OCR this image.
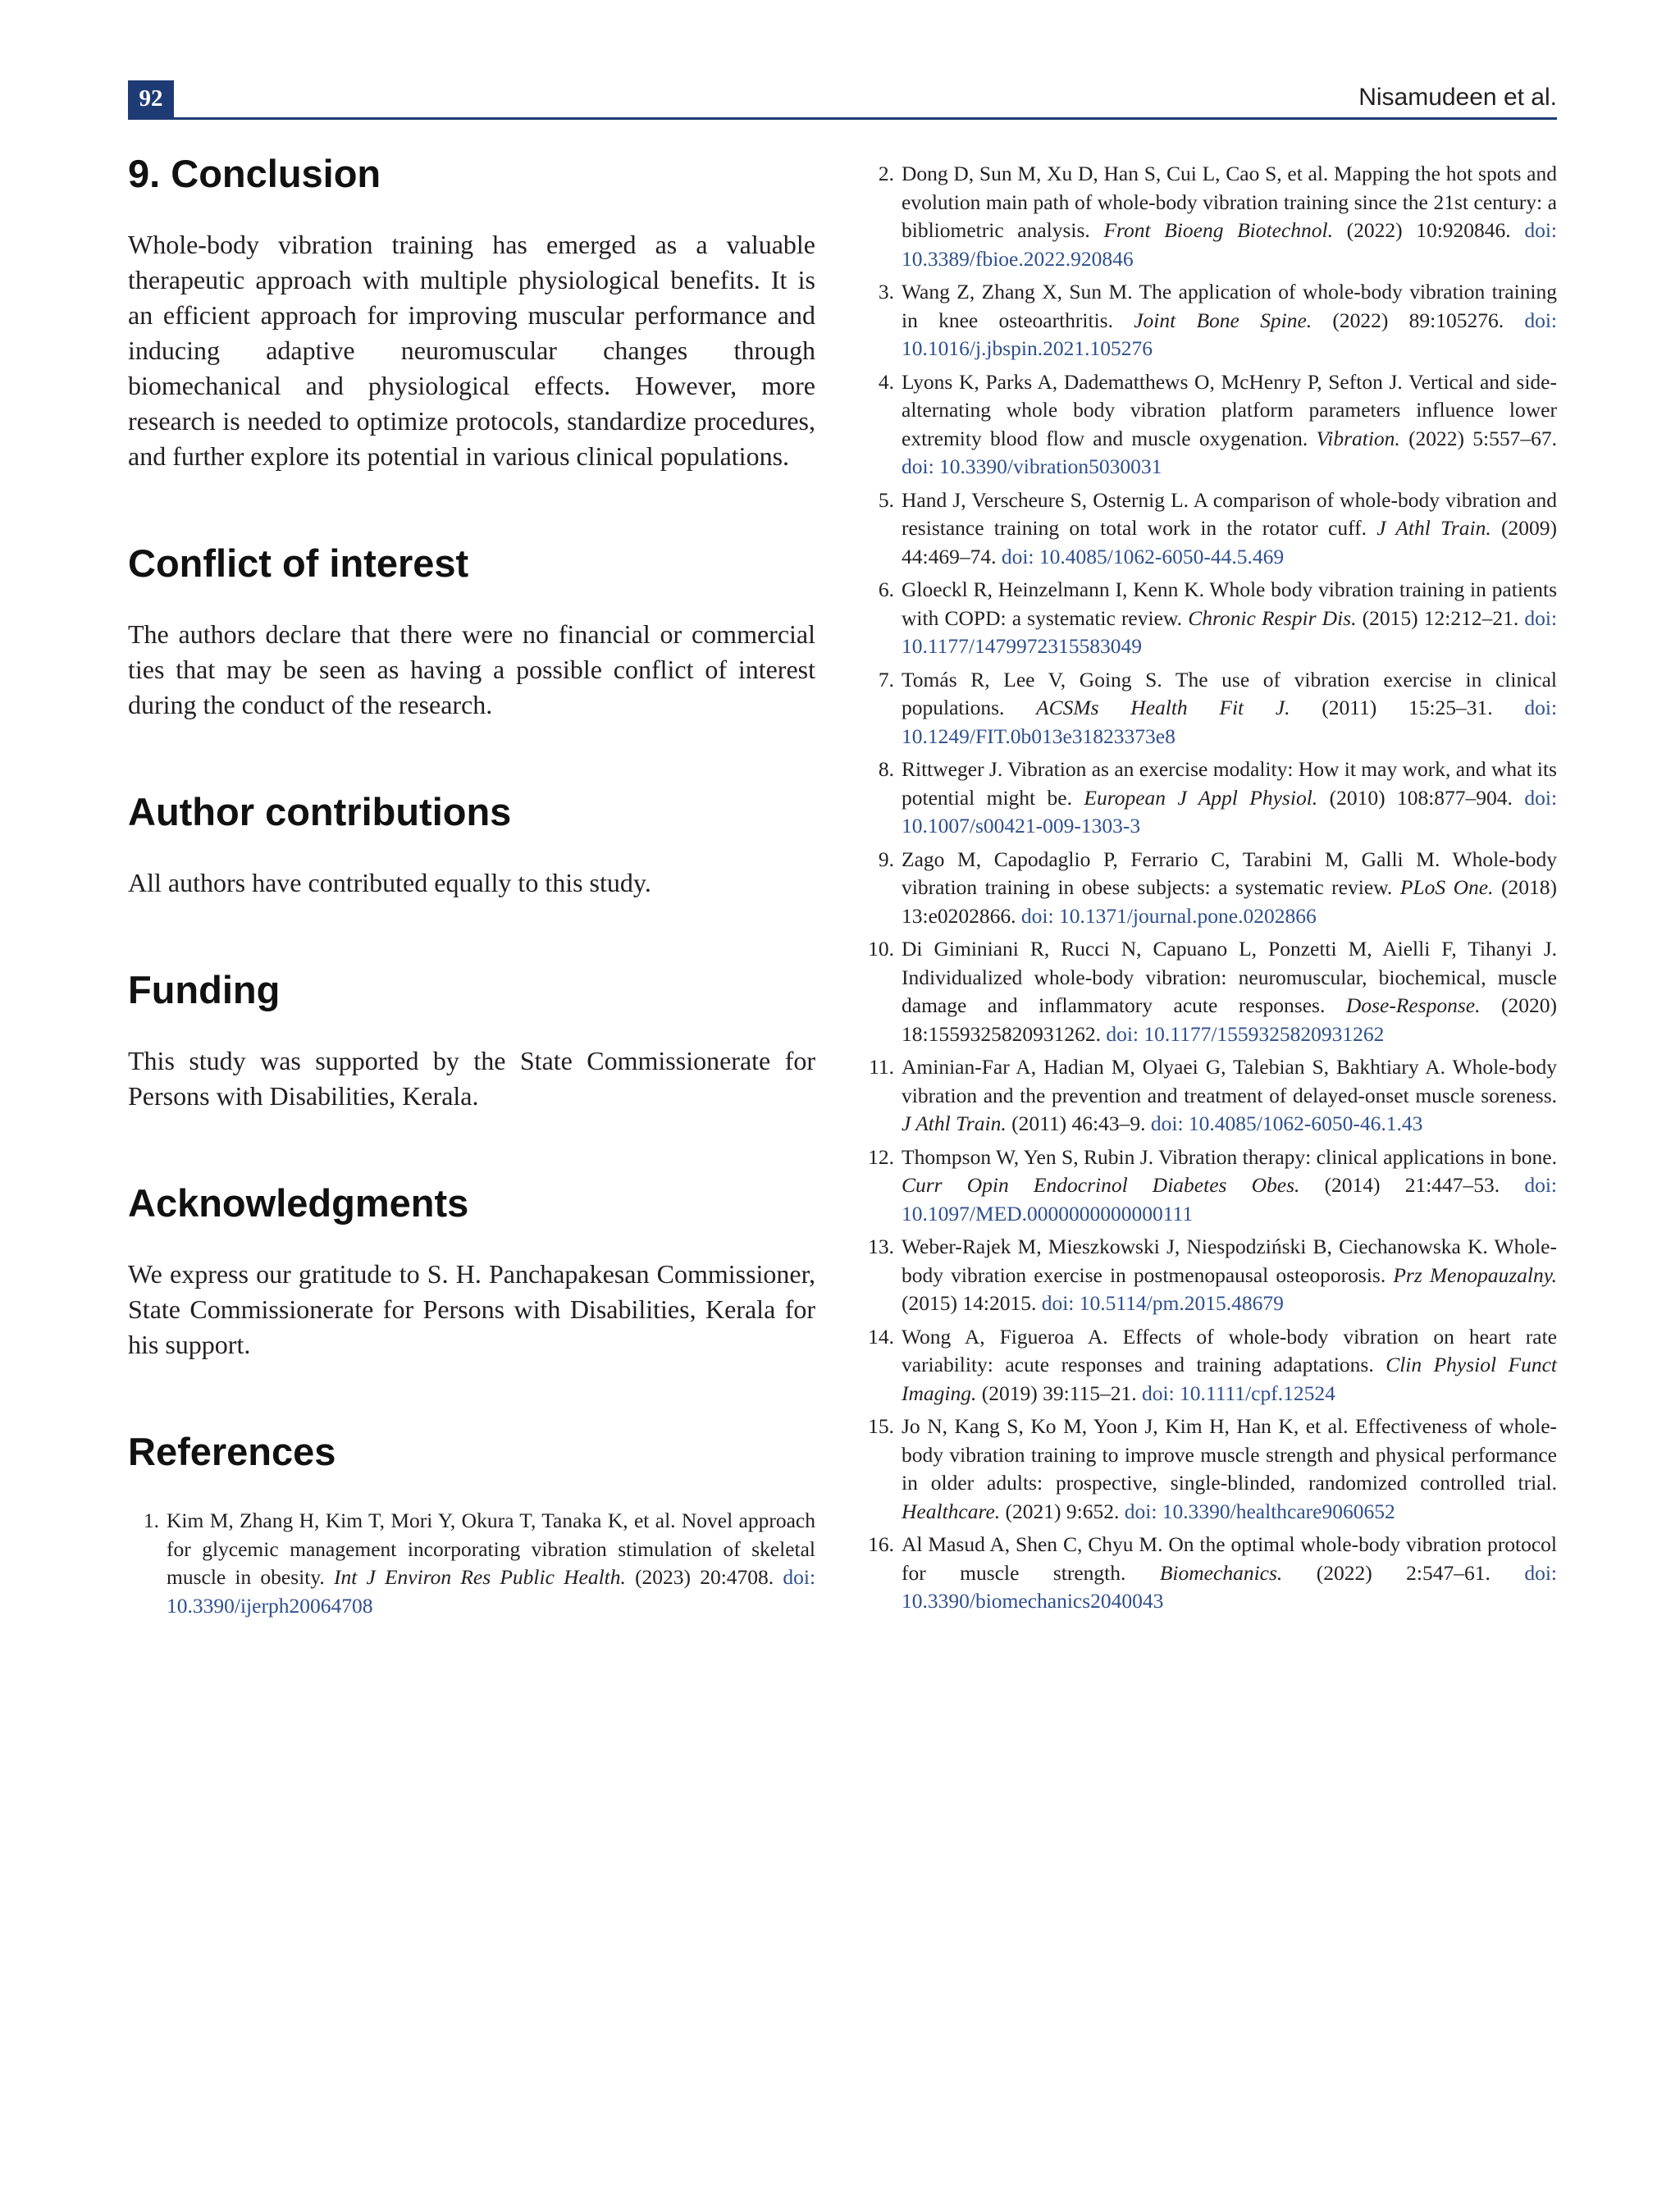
92	Nisamudeen et al.
9. Conclusion

Whole-body vibration training has emerged as a valuable therapeutic approach with multiple physiological benefits. It is an efficient approach for improving muscular performance and inducing adaptive neuromuscular changes through biomechanical and physiological effects. However, more research is needed to optimize protocols, standardize procedures, and further explore its potential in various clinical populations.

Conflict of interest

The authors declare that there were no financial or commercial ties that may be seen as having a possible conflict of interest during the conduct of the research.

Author contributions

All authors have contributed equally to this study.

Funding

This study was supported by the State Commissionerate for Persons with Disabilities, Kerala.

Acknowledgments

We express our gratitude to S. H. Panchapakesan Commissioner, State Commissionerate for Persons with Disabilities, Kerala for his support.

References
1. Kim M, Zhang H, Kim T, Mori Y, Okura T, Tanaka K, et al. Novel approach for glycemic management incorporating vibration stimulation of skeletal muscle in obesity. Int J Environ Res Public Health. (2023) 20:4708. doi: 10.3390/ijerph20064708
2. Dong D, Sun M, Xu D, Han S, Cui L, Cao S, et al. Mapping the hot spots and evolution main path of whole-body vibration training since the 21st century: a bibliometric analysis. Front Bioeng Biotechnol. (2022) 10:920846. doi: 10.3389/fbioe.2022.920846
3. Wang Z, Zhang X, Sun M. The application of whole-body vibration training in knee osteoarthritis. Joint Bone Spine. (2022) 89:105276. doi: 10.1016/j.jbspin.2021.105276
4. Lyons K, Parks A, Dadematthews O, McHenry P, Sefton J. Vertical and side-alternating whole body vibration platform parameters influence lower extremity blood flow and muscle oxygenation. Vibration. (2022) 5:557–67. doi: 10.3390/vibration5030031
5. Hand J, Verscheure S, Osternig L. A comparison of whole-body vibration and resistance training on total work in the rotator cuff. J Athl Train. (2009) 44:469–74. doi: 10.4085/1062-6050-44.5.469
6. Gloeckl R, Heinzelmann I, Kenn K. Whole body vibration training in patients with COPD: a systematic review. Chronic Respir Dis. (2015) 12:212–21. doi: 10.1177/1479972315583049
7. Tomás R, Lee V, Going S. The use of vibration exercise in clinical populations. ACSMs Health Fit J. (2011) 15:25–31. doi: 10.1249/FIT.0b013e31823373e8
8. Rittweger J. Vibration as an exercise modality: How it may work, and what its potential might be. European J Appl Physiol. (2010) 108:877–904. doi: 10.1007/s00421-009-1303-3
9. Zago M, Capodaglio P, Ferrario C, Tarabini M, Galli M. Whole-body vibration training in obese subjects: a systematic review. PLoS One. (2018) 13:e0202866. doi: 10.1371/journal.pone.0202866
10. Di Giminiani R, Rucci N, Capuano L, Ponzetti M, Aielli F, Tihanyi J. Individualized whole-body vibration: neuromuscular, biochemical, muscle damage and inflammatory acute responses. Dose-Response. (2020) 18:1559325820931262. doi: 10.1177/1559325820931262
11. Aminian-Far A, Hadian M, Olyaei G, Talebian S, Bakhtiary A. Whole-body vibration and the prevention and treatment of delayed-onset muscle soreness. J Athl Train. (2011) 46:43–9. doi: 10.4085/1062-6050-46.1.43
12. Thompson W, Yen S, Rubin J. Vibration therapy: clinical applications in bone. Curr Opin Endocrinol Diabetes Obes. (2014) 21:447–53. doi: 10.1097/MED.0000000000000111
13. Weber-Rajek M, Mieszkowski J, Niespodziński B, Ciechanowska K. Whole-body vibration exercise in postmenopausal osteoporosis. Prz Menopauzalny. (2015) 14:2015. doi: 10.5114/pm.2015.48679
14. Wong A, Figueroa A. Effects of whole-body vibration on heart rate variability: acute responses and training adaptations. Clin Physiol Funct Imaging. (2019) 39:115–21. doi: 10.1111/cpf.12524
15. Jo N, Kang S, Ko M, Yoon J, Kim H, Han K, et al. Effectiveness of whole-body vibration training to improve muscle strength and physical performance in older adults: prospective, single-blinded, randomized controlled trial. Healthcare. (2021) 9:652. doi: 10.3390/healthcare9060652
16. Al Masud A, Shen C, Chyu M. On the optimal whole-body vibration protocol for muscle strength. Biomechanics. (2022) 2:547–61. doi: 10.3390/biomechanics2040043
